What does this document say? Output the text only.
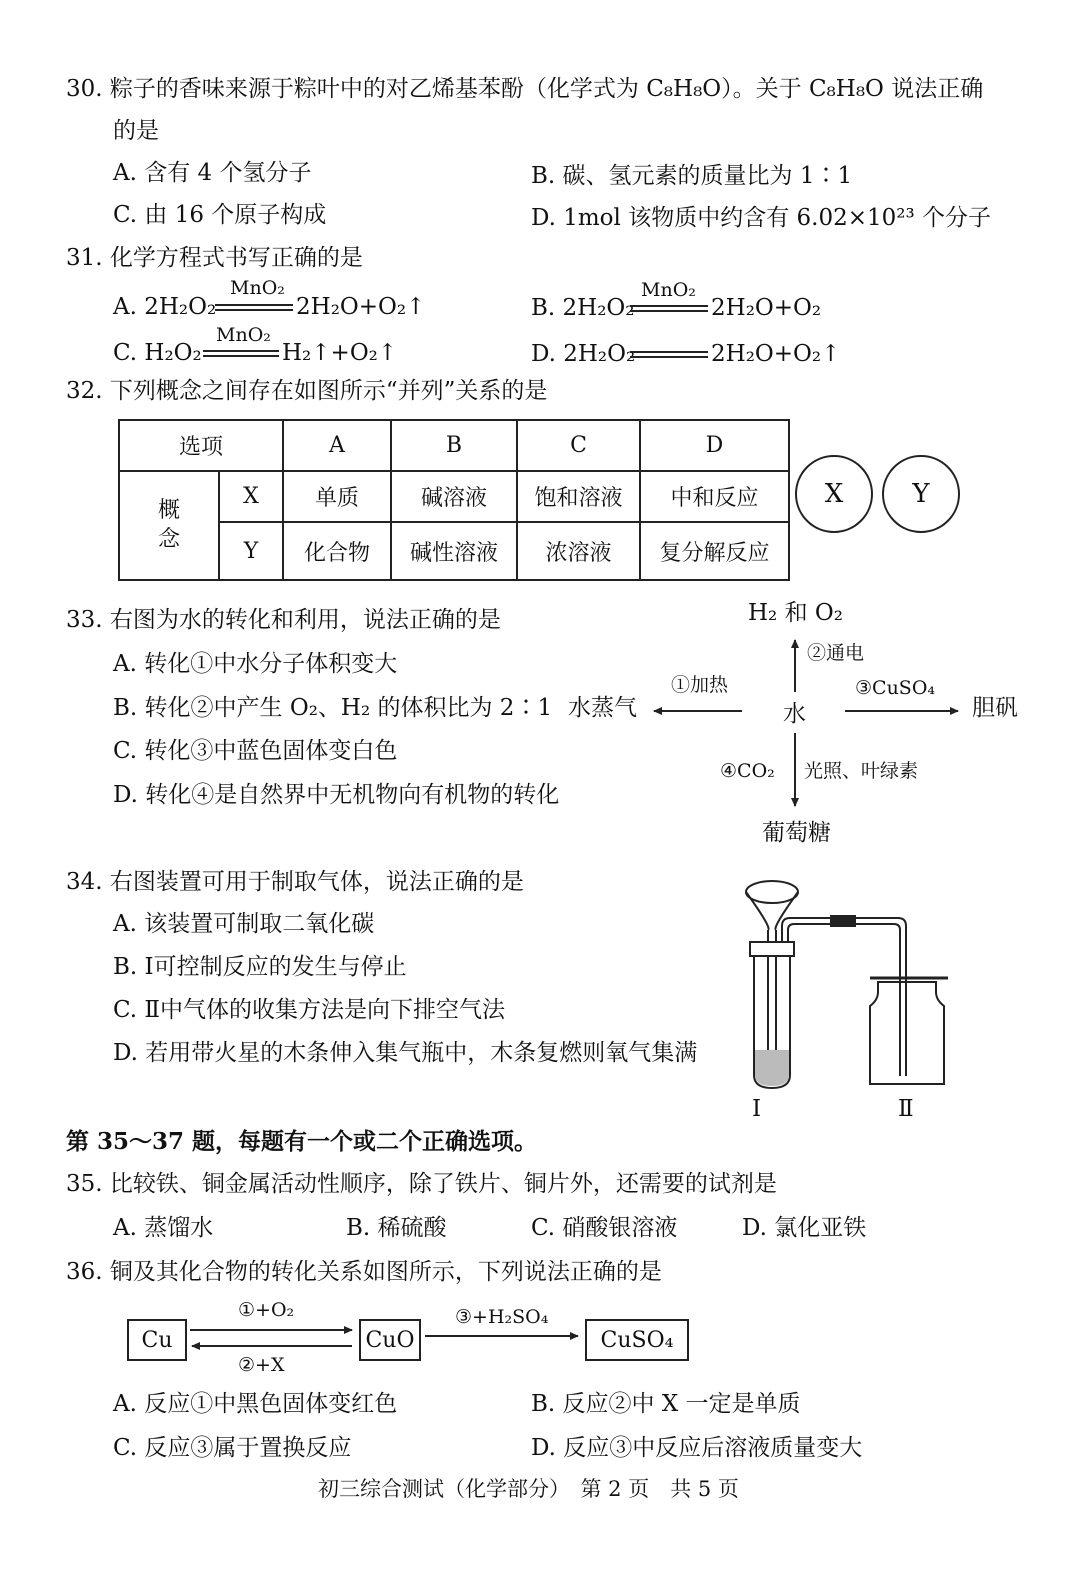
30. 粽子的香味来源于粽叶中的对乙烯基苯酚（化学式为 C₈H₈O）。关于 C₈H₈O 说法正确
的是
A. 含有 4 个氢分子	B. 碳、氢元素的质量比为 1∶1
C. 由 16 个原子构成	D. 1mol 该物质中约含有 6.02×10²³ 个分子
31. 化学方程式书写正确的是
A. 2H₂O₂
MnO₂
2H₂O+O₂↑	B. 2H₂O₂
MnO₂
2H₂O+O₂
C. H₂O₂
MnO₂
H₂↑+O₂↑	D. 2H₂O₂	2H₂O+O₂↑
32. 下列概念之间存在如图所示“并列”关系的是
选项		A	B	C	D
概念	X	单质	碱溶液	饱和溶液	中和反应
	Y	化合物	碱性溶液	浓溶液	复分解反应
X	Y
33. 右图为水的转化和利用，说法正确的是
A. 转化①中水分子体积变大
B. 转化②中产生 O₂、H₂ 的体积比为 2∶1
C. 转化③中蓝色固体变白色
D. 转化④是自然界中无机物向有机物的转化
H₂ 和 O₂
水
水蒸气	胆矾
葡萄糖
①加热
②通电
③CuSO₄
④CO₂ 光照、叶绿素
34. 右图装置可用于制取气体，说法正确的是
A. 该装置可制取二氧化碳
B. Ⅰ可控制反应的发生与停止
C. Ⅱ中气体的收集方法是向下排空气法
D. 若用带火星的木条伸入集气瓶中，木条复燃则氧气集满
Ⅰ	Ⅱ
第 35～37 题，每题有一个或二个正确选项。
35. 比较铁、铜金属活动性顺序，除了铁片、铜片外，还需要的试剂是
A. 蒸馏水	B. 稀硫酸	C. 硝酸银溶液	D. 氯化亚铁
36. 铜及其化合物的转化关系如图所示，下列说法正确的是
Cu	CuO	CuSO₄
①+O₂
②+X
③+H₂SO₄
A. 反应①中黑色固体变红色	B. 反应②中 X 一定是单质
C. 反应③属于置换反应	D. 反应③中反应后溶液质量变大
初三综合测试（化学部分）　第 2 页　共 5 页
